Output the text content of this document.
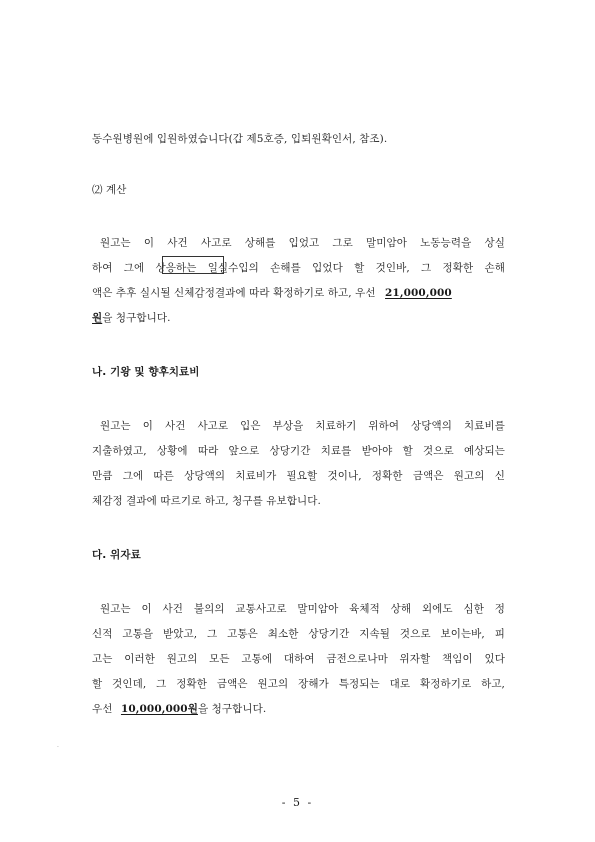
동수원병원에 입원하였습니다(갑 제5호증, 입퇴원확인서, 참조).
⑵ 계산
원고는 이 사건 사고로 상해를 입었고 그로 말미암아 노동능력을 상실
하여 그에 상응하는 일실수입의 손해를 입었다 할 것인바, 그 정확한 손해
액은 추후 실시될 신체감정결과에 따라 확정하기로 하고, 우선 21,000,000
원을 청구합니다.
나. 기왕 및 향후치료비
원고는 이 사건 사고로 입은 부상을 치료하기 위하여 상당액의 치료비를
지출하였고, 상황에 따라 앞으로 상당기간 치료를 받아야 할 것으로 예상되는
만큼 그에 따른 상당액의 치료비가 필요할 것이나, 정확한 금액은 원고의 신
체감정 결과에 따르기로 하고, 청구를 유보합니다.
다. 위자료
원고는 이 사건 불의의 교통사고로 말미암아 육체적 상해 외에도 심한 정
신적 고통을 받았고, 그 고통은 최소한 상당기간 지속될 것으로 보이는바, 피
고는 이러한 원고의 모든 고통에 대하여 금전으로나마 위자할 책임이 있다
할 것인데, 그 정확한 금액은 원고의 장해가 특정되는 대로 확정하기로 하고,
우선 10,000,000원을 청구합니다.
·
- 5 -
